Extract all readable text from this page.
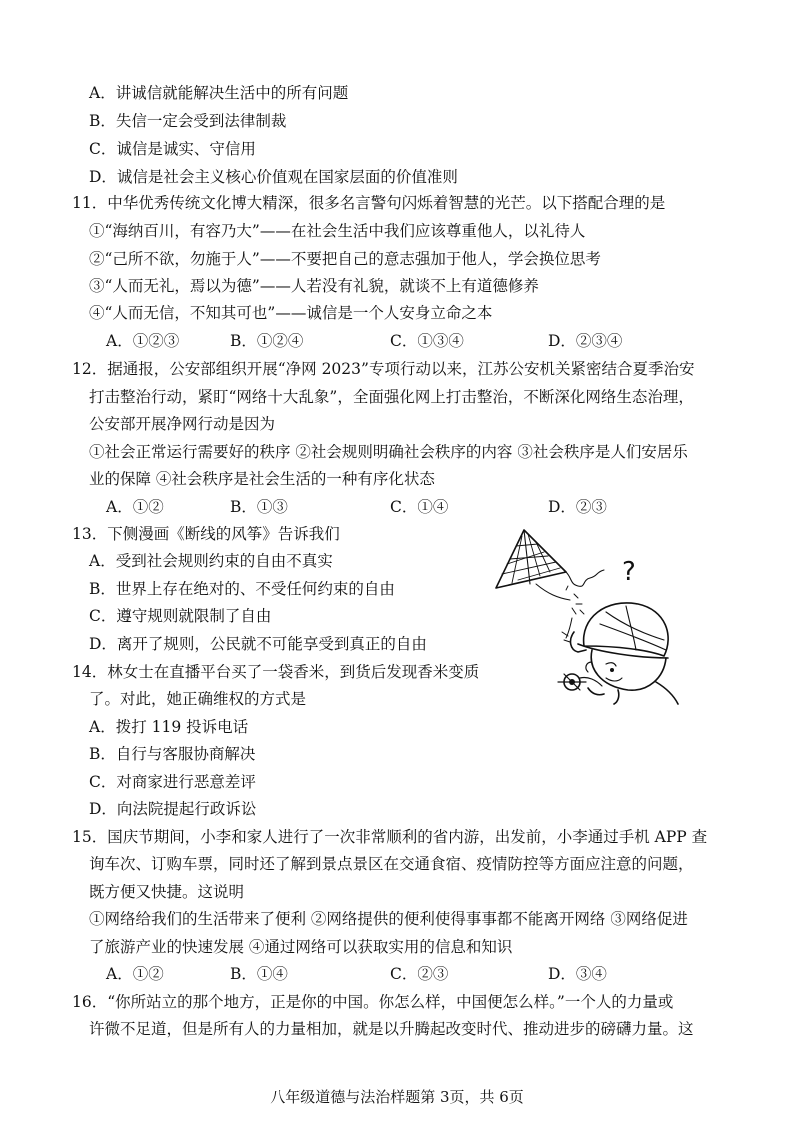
A．讲诚信就能解决生活中的所有问题
B．失信一定会受到法律制裁
C．诚信是诚实、守信用
D．诚信是社会主义核心价值观在国家层面的价值准则
11．中华优秀传统文化博大精深，很多名言警句闪烁着智慧的光芒。以下搭配合理的是
①“海纳百川，有容乃大”——在社会生活中我们应该尊重他人，以礼待人
②“己所不欲，勿施于人”——不要把自己的意志强加于他人，学会换位思考
③“人而无礼，焉以为德”——人若没有礼貌，就谈不上有道德修养
④“人而无信，不知其可也”——诚信是一个人安身立命之本
A．①②③	B．①②④	C．①③④	D．②③④
12．据通报，公安部组织开展“净网 2023”专项行动以来，江苏公安机关紧密结合夏季治安
打击整治行动，紧盯“网络十大乱象”，全面强化网上打击整治，不断深化网络生态治理，
公安部开展净网行动是因为
①社会正常运行需要好的秩序 ②社会规则明确社会秩序的内容 ③社会秩序是人们安居乐
业的保障 ④社会秩序是社会生活的一种有序化状态
A．①②	B．①③	C．①④	D．②③
13．下侧漫画《断线的风筝》告诉我们
A．受到社会规则约束的自由不真实
B．世界上存在绝对的、不受任何约束的自由
C．遵守规则就限制了自由
D．离开了规则，公民就不可能享受到真正的自由
?
14．林女士在直播平台买了一袋香米，到货后发现香米变质
了。对此，她正确维权的方式是
A．拨打 119 投诉电话
B．自行与客服协商解决
C．对商家进行恶意差评
D．向法院提起行政诉讼
15．国庆节期间，小李和家人进行了一次非常顺利的省内游，出发前，小李通过手机 APP 查
询车次、订购车票，同时还了解到景点景区在交通食宿、疫情防控等方面应注意的问题，
既方便又快捷。这说明
①网络给我们的生活带来了便利 ②网络提供的便利使得事事都不能离开网络 ③网络促进
了旅游产业的快速发展 ④通过网络可以获取实用的信息和知识
A．①②	B．①④	C．②③	D．③④
16．“你所站立的那个地方，正是你的中国。你怎么样，中国便怎么样。”一个人的力量或
许微不足道，但是所有人的力量相加，就是以升腾起改变时代、推动进步的磅礴力量。这
八年级道德与法治样题第 3页，共 6页
